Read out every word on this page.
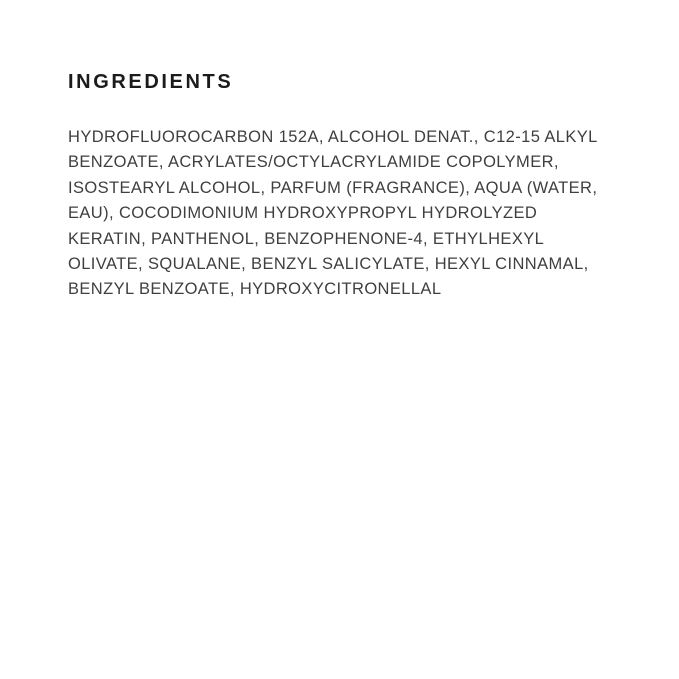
INGREDIENTS
HYDROFLUOROCARBON 152A, ALCOHOL DENAT., C12-15 ALKYL
BENZOATE, ACRYLATES/OCTYLACRYLAMIDE COPOLYMER,
ISOSTEARYL ALCOHOL, PARFUM (FRAGRANCE), AQUA (WATER,
EAU), COCODIMONIUM HYDROXYPROPYL HYDROLYZED
KERATIN, PANTHENOL, BENZOPHENONE-4, ETHYLHEXYL
OLIVATE, SQUALANE, BENZYL SALICYLATE, HEXYL CINNAMAL,
BENZYL BENZOATE, HYDROXYCITRONELLAL
